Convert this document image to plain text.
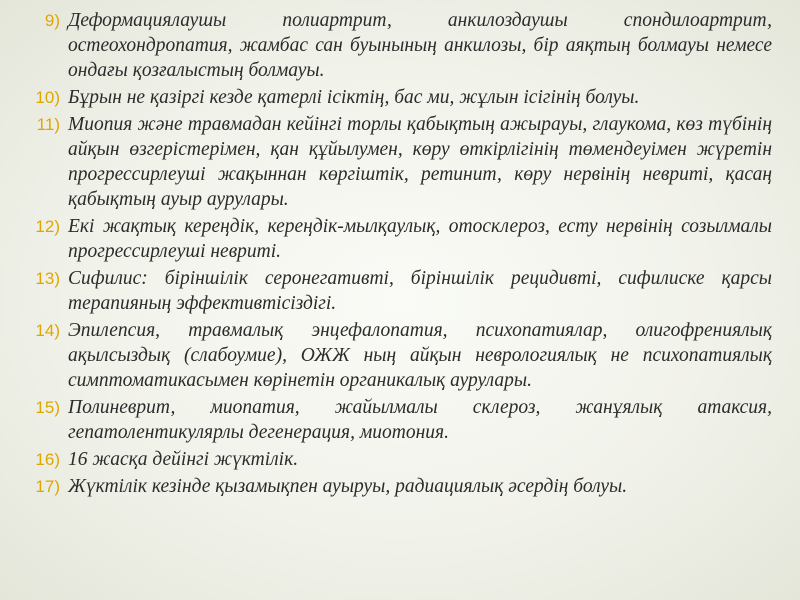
9) Деформациялаушы полиартрит, анкилоздаушы спондилоартрит, остеохондропатия, жамбас сан буынының анкилозы, бір аяқтың болмауы немесе ондағы қозғалыстың болмауы.
10) Бұрын не қазіргі кезде қатерлі ісіктің, бас ми, жұлын ісігінің болуы.
11) Миопия және травмадан кейінгі торлы қабықтың ажырауы, глаукома, көз түбінің айқын өзгерістерімен, қан құйылумен, көру өткірлігінің төмендеуімен жүретін прогрессирлеуші жақыннан көргіштік, ретинит, көру нервінің невриті, қасаң қабықтың ауыр аурулары.
12) Екі жақтық кереңдік, кереңдік-мылқаулық, отосклероз, есту нервінің созылмалы прогрессирлеуші невриті.
13) Сифилис: біріншілік серонегативті, біріншілік рецидивті, сифилиске қарсы терапияның эффективтісіздігі.
14) Эпилепсия, травмалық энцефалопатия, психопатиялар, олигофрениялық ақылсыздық (слабоумие), ОЖЖ ның айқын неврологиялық не психопатиялық симптоматикасымен көрінетін органикалық аурулары.
15) Полиневрит, миопатия, жайылмалы склероз, жанұялық атаксия, гепатолентикулярлы дегенерация, миотония.
16) 16 жасқа дейінгі жүктілік.
17) Жүктілік кезінде қызамықпен ауыруы, радиациялық әсердің болуы.
